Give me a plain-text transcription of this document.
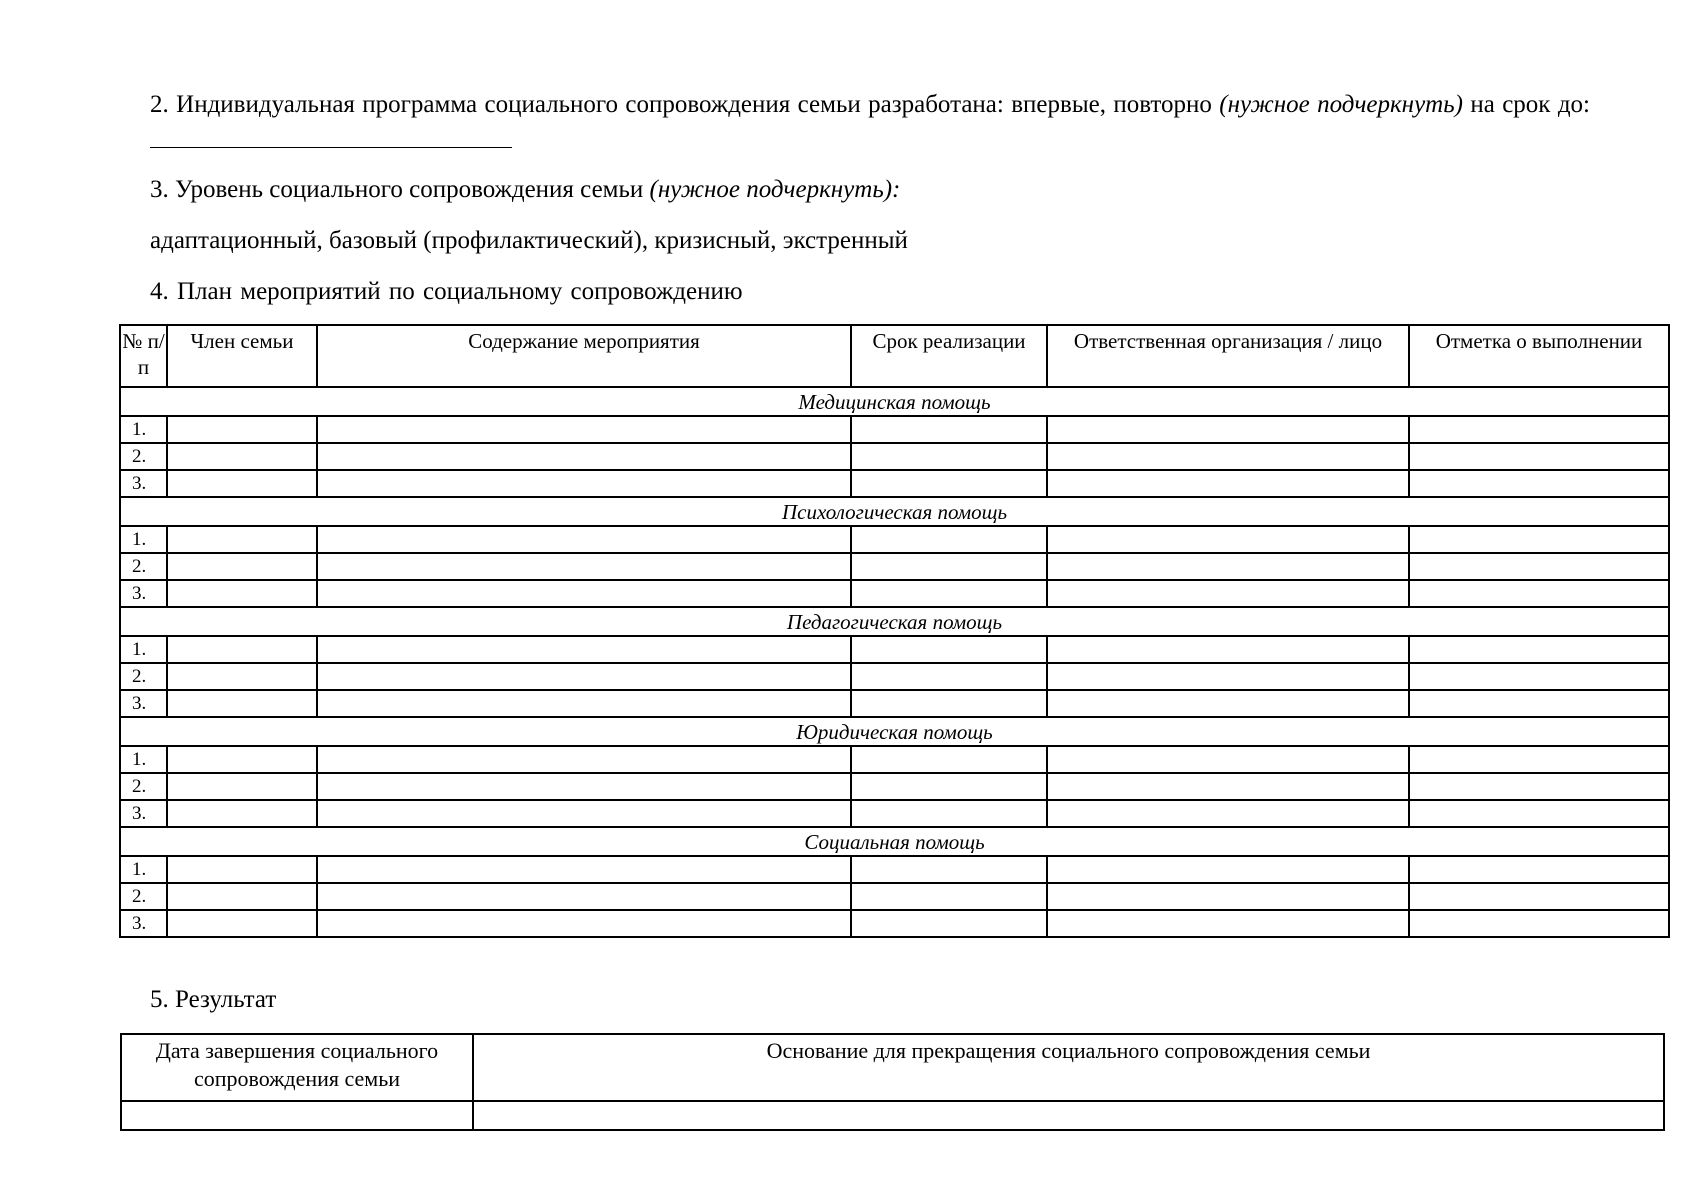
2. Индивидуальная программа социального сопровождения семьи разработана: впервые, повторно (нужное подчеркнуть) на срок до:

3. Уровень социального сопровождения семьи (нужное подчеркнуть):

адаптационный, базовый (профилактический), кризисный, экстренный

4. План мероприятий по социальному сопровождению

№ п/п	Член семьи	Содержание мероприятия	Срок реализации	Ответственная организация / лицо	Отметка о выполнении
Медицинская помощь					
1.					
2.					
3.					
Психологическая помощь					
1.					
2.					
3.					
Педагогическая помощь					
1.					
2.					
3.					
Юридическая помощь					
1.					
2.					
3.					
Социальная помощь					
1.					
2.					
3.					

5. Результат

Дата завершения социального сопровождения семьи	Основание для прекращения социального сопровождения семьи
